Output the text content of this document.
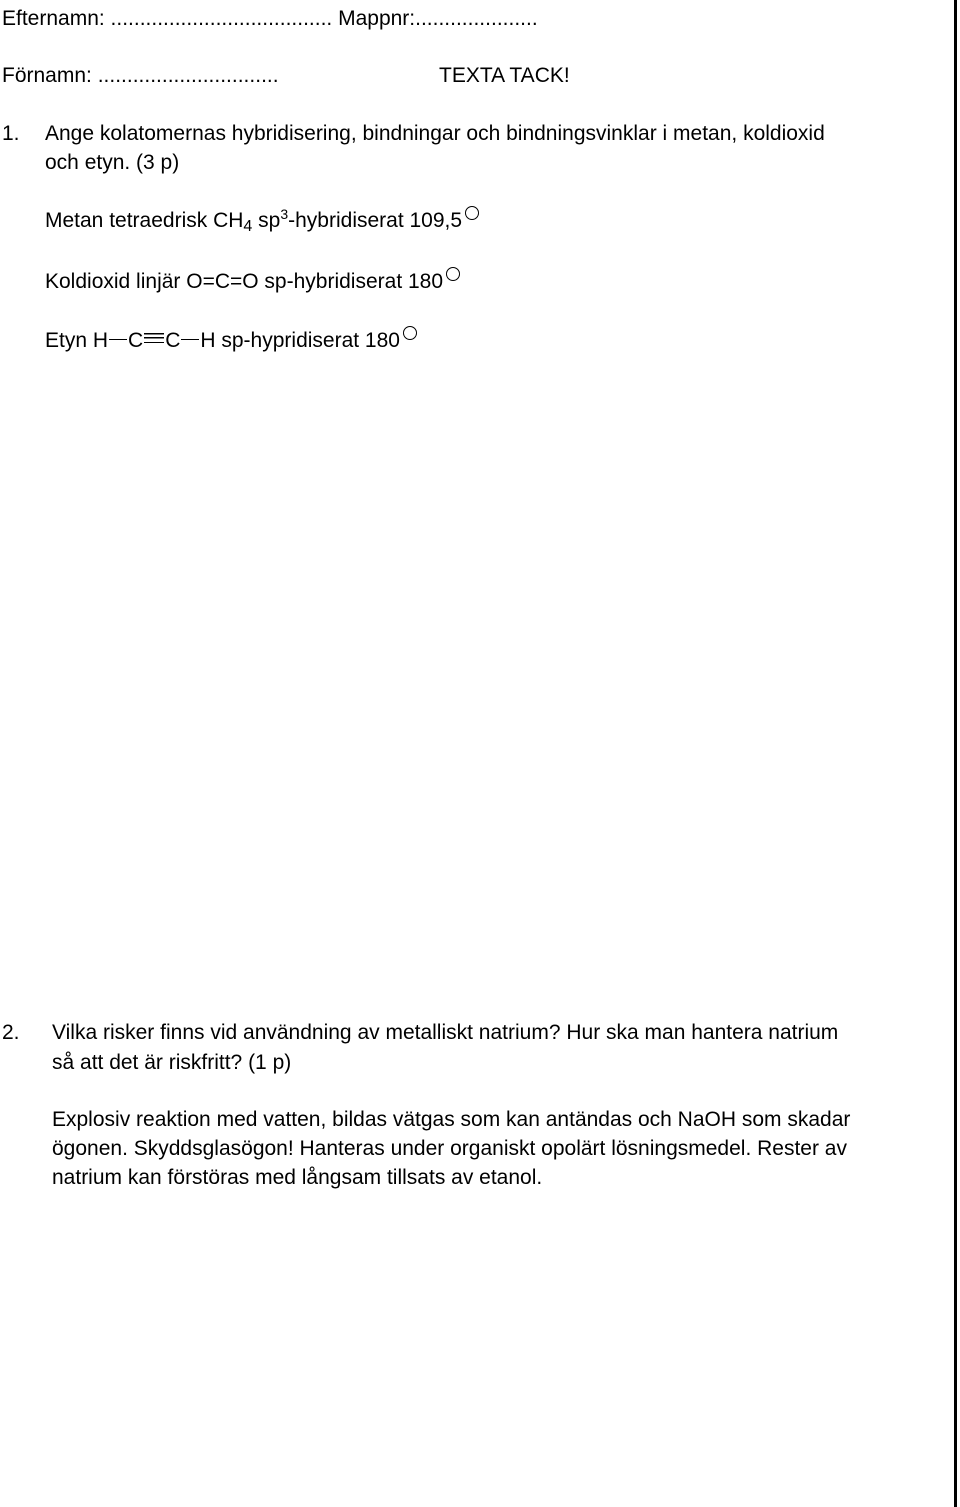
Efternamn: ...................................... Mappnr:.....................
Förnamn: ...............................	TEXTA TACK!
1. Ange kolatomernas hybridisering, bindningar och bindningsvinklar i metan, koldioxid
och etyn. (3 p)
Metan tetraedrisk CH4 $sp^3$-hybridiserat 109,5
Koldioxid linjär O=C=O sp-hybridiserat 180
Etyn H C C H sp-hypridiserat 180
2. Vilka risker finns vid användning av metalliskt natrium? Hur ska man hantera natrium
så att det är riskfritt? (1 p)
Explosiv reaktion med vatten, bildas vätgas som kan antändas och NaOH som skadar
ögonen. Skyddsglasögon! Hanteras under organiskt opolärt lösningsmedel. Rester av
natrium kan förstöras med långsam tillsats av etanol.
